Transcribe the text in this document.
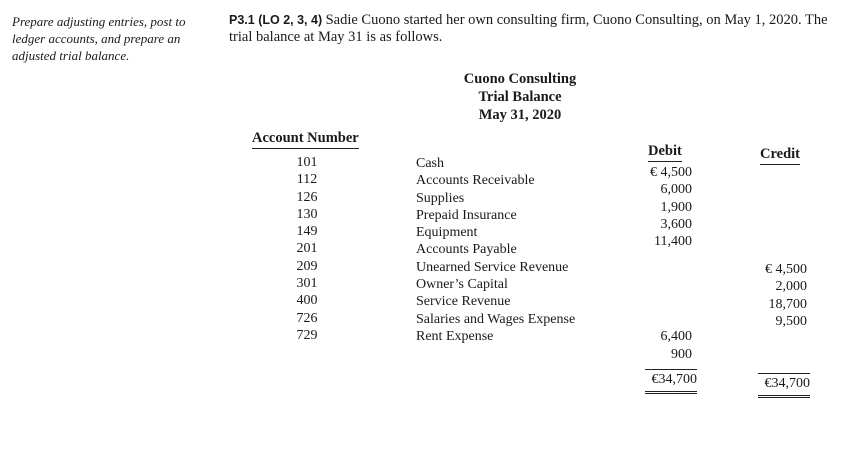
Prepare adjusting entries, post to ledger accounts, and prepare an adjusted trial balance.
P3.1 (LO 2, 3, 4) Sadie Cuono started her own consulting firm, Cuono Consulting, on May 1, 2020. The trial balance at May 31 is as follows.
Cuono Consulting
Trial Balance
May 31, 2020
Account Number
Debit	Credit
101
112
126
130
149
201
209
301
400
726
729
Cash
Accounts Receivable
Supplies
Prepaid Insurance
Equipment
Accounts Payable
Unearned Service Revenue
Owner’s Capital
Service Revenue
Salaries and Wages Expense
Rent Expense
€ 4,500
6,000
1,900
3,600
11,400
6,400
900
€ 4,500
2,000
18,700
9,500
€34,700	€34,700
